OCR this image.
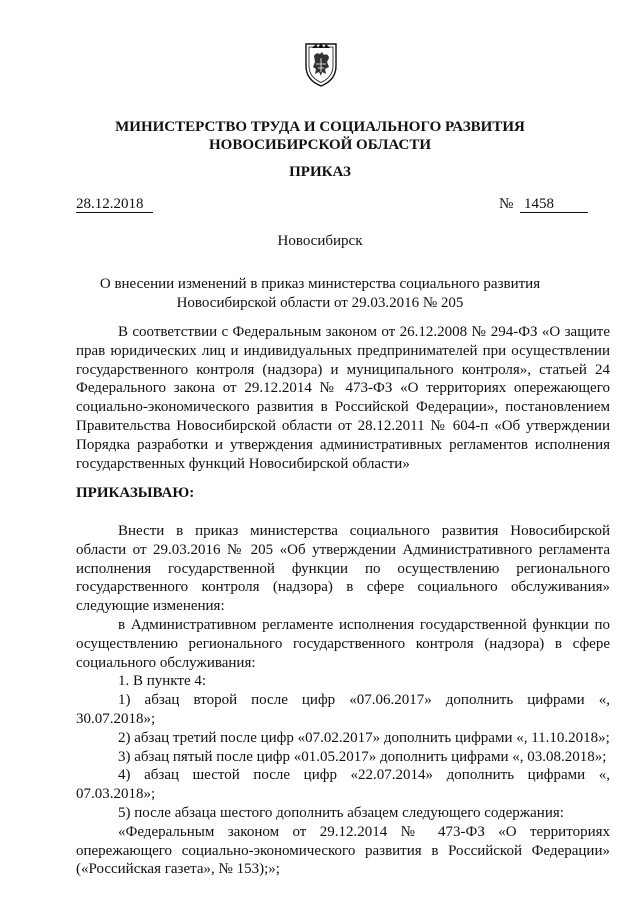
МИНИСТЕРСТВО ТРУДА И СОЦИАЛЬНОГО РАЗВИТИЯ
НОВОСИБИРСКОЙ ОБЛАСТИ
ПРИКАЗ
28.12.2018	№ 1458
Новосибирск
О внесении изменений в приказ министерства социального развития
Новосибирской области от 29.03.2016 № 205

В соответствии с Федеральным законом от 26.12.2008 № 294-ФЗ «О защите прав юридических лиц и индивидуальных предпринимателей при осуществлении государственного контроля (надзора) и муниципального контроля», статьей 24 Федерального закона от 29.12.2014 № 473-ФЗ «О территориях опережающего социально-экономического развития в Российской Федерации», постановлением Правительства Новосибирской области от 28.12.2011 № 604-п «Об утверждении Порядка разработки и утверждения административных регламентов исполнения государственных функций Новосибирской области»

ПРИКАЗЫВАЮ:

Внести в приказ министерства социального развития Новосибирской области от 29.03.2016 № 205 «Об утверждении Административного регламента исполнения государственной функции по осуществлению регионального государственного контроля (надзора) в сфере социального обслуживания» следующие изменения:

в Административном регламенте исполнения государственной функции по осуществлению регионального государственного контроля (надзора) в сфере социального обслуживания:

1. В пункте 4:

1) абзац второй после цифр «07.06.2017» дополнить цифрами «, 30.07.2018»;

2) абзац третий после цифр «07.02.2017» дополнить цифрами «, 11.10.2018»;

3) абзац пятый после цифр «01.05.2017» дополнить цифрами «, 03.08.2018»;

4) абзац шестой после цифр «22.07.2014» дополнить цифрами «, 07.03.2018»;

5) после абзаца шестого дополнить абзацем следующего содержания:

«Федеральным законом от 29.12.2014 № 473-ФЗ «О территориях опережающего социально-экономического развития в Российской Федерации» («Российская газета», № 153);»;
